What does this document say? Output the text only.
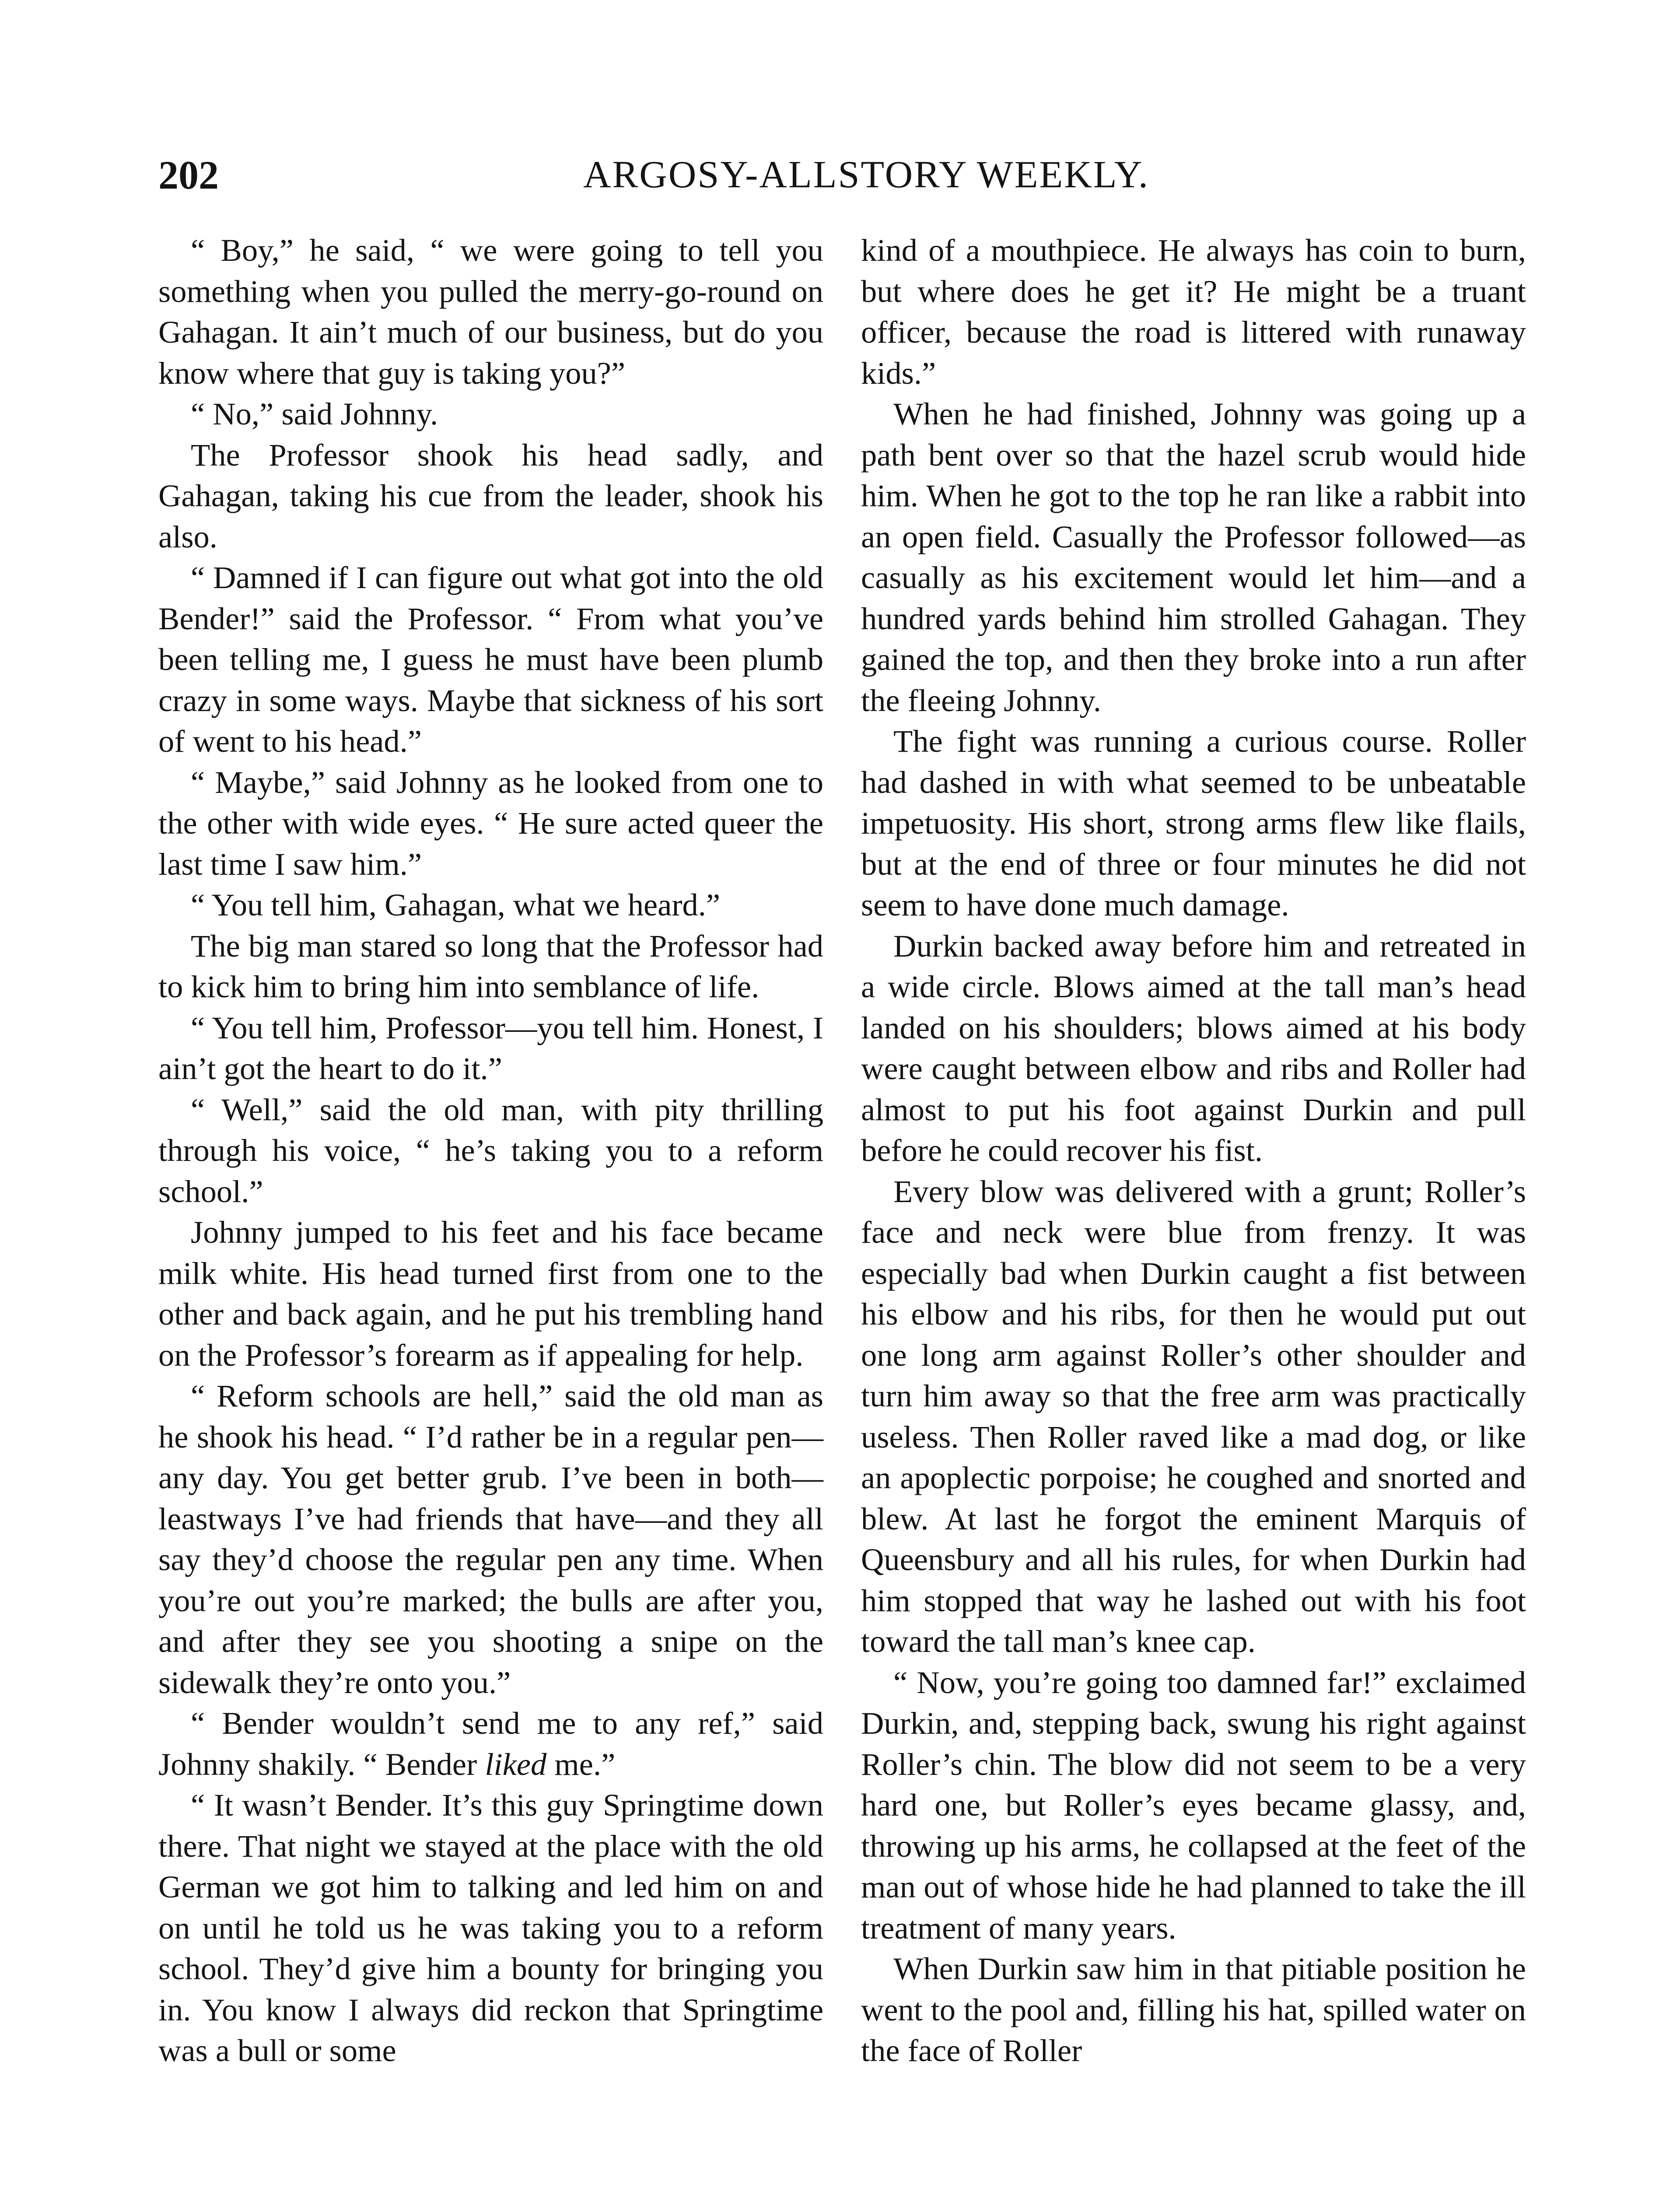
202	ARGOSY-ALLSTORY WEEKLY.

“ Boy,” he said, “ we were going to tell you something when you pulled the merry-go-round on Gahagan. It ain’t much of our business, but do you know where that guy is taking you?”

“ No,” said Johnny.

The Professor shook his head sadly, and Gahagan, taking his cue from the leader, shook his also.

“ Damned if I can figure out what got into the old Bender!” said the Professor. “ From what you’ve been telling me, I guess he must have been plumb crazy in some ways. Maybe that sickness of his sort of went to his head.”

“ Maybe,” said Johnny as he looked from one to the other with wide eyes. “ He sure acted queer the last time I saw him.”

“ You tell him, Gahagan, what we heard.”

The big man stared so long that the Professor had to kick him to bring him into semblance of life.

“ You tell him, Professor—you tell him. Honest, I ain’t got the heart to do it.”

“ Well,” said the old man, with pity thrilling through his voice, “ he’s taking you to a reform school.”

Johnny jumped to his feet and his face became milk white. His head turned first from one to the other and back again, and he put his trembling hand on the Professor’s forearm as if appealing for help.

“ Reform schools are hell,” said the old man as he shook his head. “ I’d rather be in a regular pen—any day. You get better grub. I’ve been in both—leastways I’ve had friends that have—and they all say they’d choose the regular pen any time. When you’re out you’re marked; the bulls are after you, and after they see you shooting a snipe on the sidewalk they’re onto you.”

“ Bender wouldn’t send me to any ref,” said Johnny shakily. “ Bender liked me.”

“ It wasn’t Bender. It’s this guy Springtime down there. That night we stayed at the place with the old German we got him to talking and led him on and on until he told us he was taking you to a reform school. They’d give him a bounty for bringing you in. You know I always did reckon that Springtime was a bull or some

kind of a mouthpiece. He always has coin to burn, but where does he get it? He might be a truant officer, because the road is littered with runaway kids.”

When he had finished, Johnny was going up a path bent over so that the hazel scrub would hide him. When he got to the top he ran like a rabbit into an open field. Casually the Professor followed—as casually as his excitement would let him—and a hundred yards behind him strolled Gahagan. They gained the top, and then they broke into a run after the fleeing Johnny.

The fight was running a curious course. Roller had dashed in with what seemed to be unbeatable impetuosity. His short, strong arms flew like flails, but at the end of three or four minutes he did not seem to have done much damage.

Durkin backed away before him and retreated in a wide circle. Blows aimed at the tall man’s head landed on his shoulders; blows aimed at his body were caught between elbow and ribs and Roller had almost to put his foot against Durkin and pull before he could recover his fist.

Every blow was delivered with a grunt; Roller’s face and neck were blue from frenzy. It was especially bad when Durkin caught a fist between his elbow and his ribs, for then he would put out one long arm against Roller’s other shoulder and turn him away so that the free arm was practically useless. Then Roller raved like a mad dog, or like an apoplectic porpoise; he coughed and snorted and blew. At last he forgot the eminent Marquis of Queensbury and all his rules, for when Durkin had him stopped that way he lashed out with his foot toward the tall man’s knee cap.

“ Now, you’re going too damned far!” exclaimed Durkin, and, stepping back, swung his right against Roller’s chin. The blow did not seem to be a very hard one, but Roller’s eyes became glassy, and, throwing up his arms, he collapsed at the feet of the man out of whose hide he had planned to take the ill treatment of many years.

When Durkin saw him in that pitiable position he went to the pool and, filling his hat, spilled water on the face of Roller
